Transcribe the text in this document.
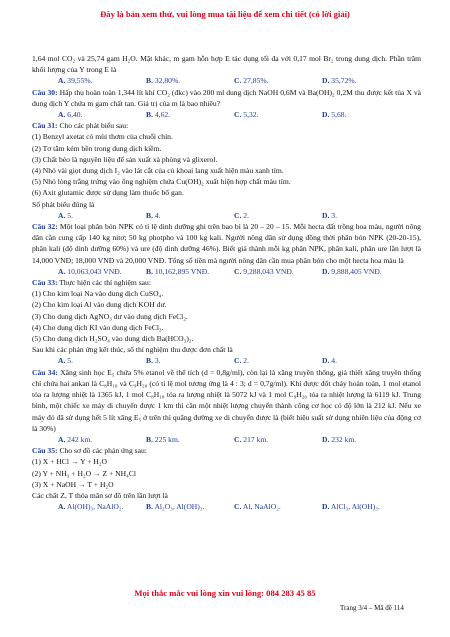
Đây là bản xem thử, vui lòng mua tài liệu để xem chi tiết (có lời giải)

1,64 mol CO₂ và 25,74 gam H₂O. Mặt khác, m gam hỗn hợp E tác dụng tối đa với 0,17 mol Br₂ trong dung dịch. Phần trăm khối lượng của Y trong E là

A. 39,55%.	B. 32,80%.	C. 27,85%.	D. 35,72%.

Câu 30: Hấp thụ hoàn toàn 1,344 lít khí CO₂ (đkc) vào 200 ml dung dịch NaOH 0,6M và Ba(OH)₂ 0,2M thu được kết tủa X và dung dịch Y chứa m gam chất tan. Giá trị của m là bao nhiêu?

A. 6,40.	B. 4,62.	C. 5,32.	D. 5,68.

Câu 31: Cho các phát biểu sau:

(1) Benzyl axetat có mùi thơm của chuối chín.

(2) Tơ tằm kém bền trong dung dịch kiềm.

(3) Chất béo là nguyên liệu để sản xuất xà phòng và glixerol.

(4) Nhỏ vài giọt dung dịch I₂ vào lát cắt của củ khoai lang xuất hiện màu xanh tím.

(5) Nhỏ lòng trắng trứng vào ống nghiệm chứa Cu(OH)₂ xuất hiện hợp chất màu tím.

(6) Axit glutamic được sử dụng làm thuốc bổ gan.

Số phát biểu đúng là

A. 5.	B. 4.	C. 2.	D. 3.

Câu 32: Một loại phân bón NPK có tỉ lệ dinh dưỡng ghi trên bao bì là 20 – 20 – 15. Mỗi hecta đất trồng hoa màu, người nông dân cần cung cấp 140 kg nitơ; 50 kg photpho và 100 kg kali. Người nông dân sử dụng đồng thời phân bón NPK (20-20-15), phân kali (độ dinh dưỡng 60%) và ure (độ dinh dưỡng 46%). Biết giá thành mỗi kg phân NPK, phân kali, phân ure lần lượt là 14,000 VNĐ; 18,000 VNĐ và 20,000 VNĐ. Tổng số tiền mà người nông dân cần mua phân bón cho một hecta hoa màu là

A. 10,063,043 VNĐ.	B. 10,162,895 VNĐ.	C. 9,288,043 VNĐ.	D. 9,888,405 VNĐ.

Câu 33: Thực hiện các thí nghiệm sau:

(1) Cho kim loại Na vào dung dịch CuSO₄.

(2) Cho kim loại Al vào dung dịch KOH dư.

(3) Cho dung dịch AgNO₃ dư vào dung dịch FeCl₂.

(4) Cho dung dịch KI vào dung dịch FeCl₃.

(5) Cho dung dịch H₂SO₄ vào dung dịch Ba(HCO₃)₂.

Sau khi các phản ứng kết thúc, số thí nghiệm thu được đơn chất là

A. 5.	B. 3.	C. 2.	D. 4.

Câu 34: Xăng sinh học E₅ chứa 5% etanol về thể tích (d = 0,8g/ml), còn lại là xăng truyền thống, giả thiết xăng truyền thống chỉ chứa hai ankan là C₈H₁₈ và C₉H₂₀ (có tỉ lệ mol tương ứng là 4 : 3; d = 0,7g/ml). Khi được đốt cháy hoàn toàn, 1 mol etanol tỏa ra lượng nhiệt là 1365 kJ, 1 mol C₈H₁₈ tỏa ra lượng nhiệt là 5072 kJ và 1 mol C₉H₂₀ tỏa ra nhiệt lượng là 6119 kJ. Trung bình, một chiếc xe máy di chuyển được 1 km thì cần một nhiệt lượng chuyển thành công cơ học có độ lớn là 212 kJ. Nếu xe máy đó đã sử dụng hết 5 lít xăng E₅ ở trên thì quãng đường xe di chuyển được là (biết hiệu suất sử dụng nhiên liệu của động cơ là 30%)

A. 242 km.	B. 225 km.	C. 217 km.	D. 232 km.

Câu 35: Cho sơ đồ các phản ứng sau:

(1) X + HCl → Y + H₂O

(2) Y + NH₃ + H₂O → Z + NH₄Cl

(3) X + NaOH → T + H₂O

Các chất Z, T thỏa mãn sơ đồ trên lần lượt là

A. Al(OH)₃, NaAlO₂.	B. Al₂O₃, Al(OH)₃.	C. Al, NaAlO₂.	D. AlCl₃, Al(OH)₃.
Mọi thắc mắc vui lòng xin vui lòng: 084 283 45 85
Trang 3/4 – Mã đề 114
